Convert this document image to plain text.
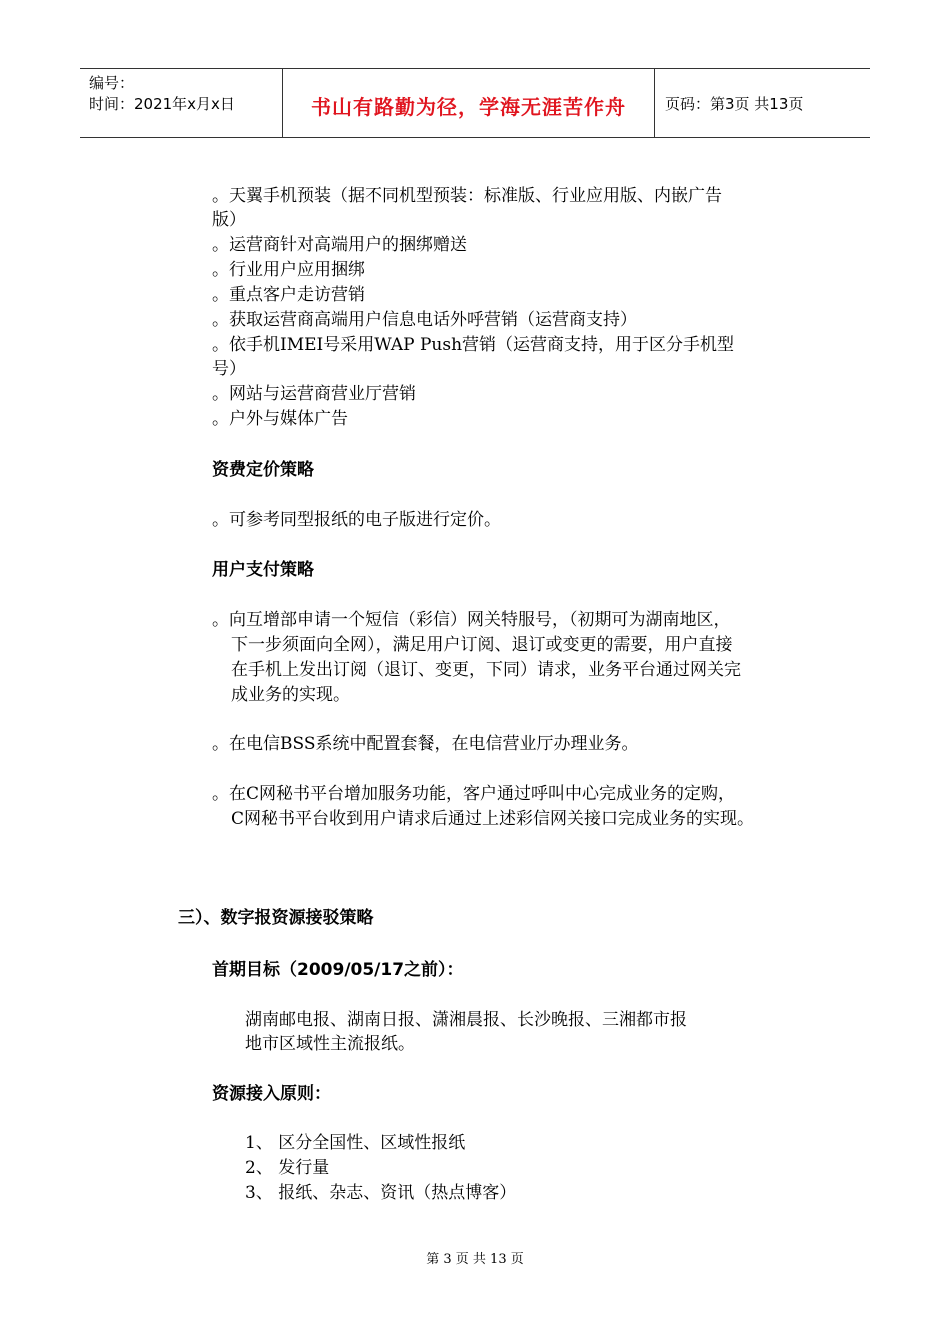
编号：
时间：2021年x月x日	书山有路勤为径，学海无涯苦作舟	页码：第3页 共13页
。天翼手机预装（据不同机型预装：标准版、行业应用版、内嵌广告
版）
。运营商针对高端用户的捆绑赠送
。行业用户应用捆绑
。重点客户走访营销
。获取运营商高端用户信息电话外呼营销（运营商支持）
。依手机IMEI号采用WAP Push营销（运营商支持，用于区分手机型
号）
。网站与运营商营业厅营销
。户外与媒体广告
资费定价策略
。可参考同型报纸的电子版进行定价。
用户支付策略
。向互增部申请一个短信（彩信）网关特服号，（初期可为湖南地区，
下一步须面向全网），满足用户订阅、退订或变更的需要，用户直接
在手机上发出订阅（退订、变更，下同）请求，业务平台通过网关完
成业务的实现。
。在电信BSS系统中配置套餐，在电信营业厅办理业务。
。在C网秘书平台增加服务功能，客户通过呼叫中心完成业务的定购，
C网秘书平台收到用户请求后通过上述彩信网关接口完成业务的实现。
三）、数字报资源接驳策略
首期目标（2009/05/17之前）：
湖南邮电报、湖南日报、潇湘晨报、长沙晚报、三湘都市报
地市区域性主流报纸。
资源接入原则：
1、 区分全国性、区域性报纸
2、 发行量
3、 报纸、杂志、资讯（热点博客）
第 3 页 共 13 页
